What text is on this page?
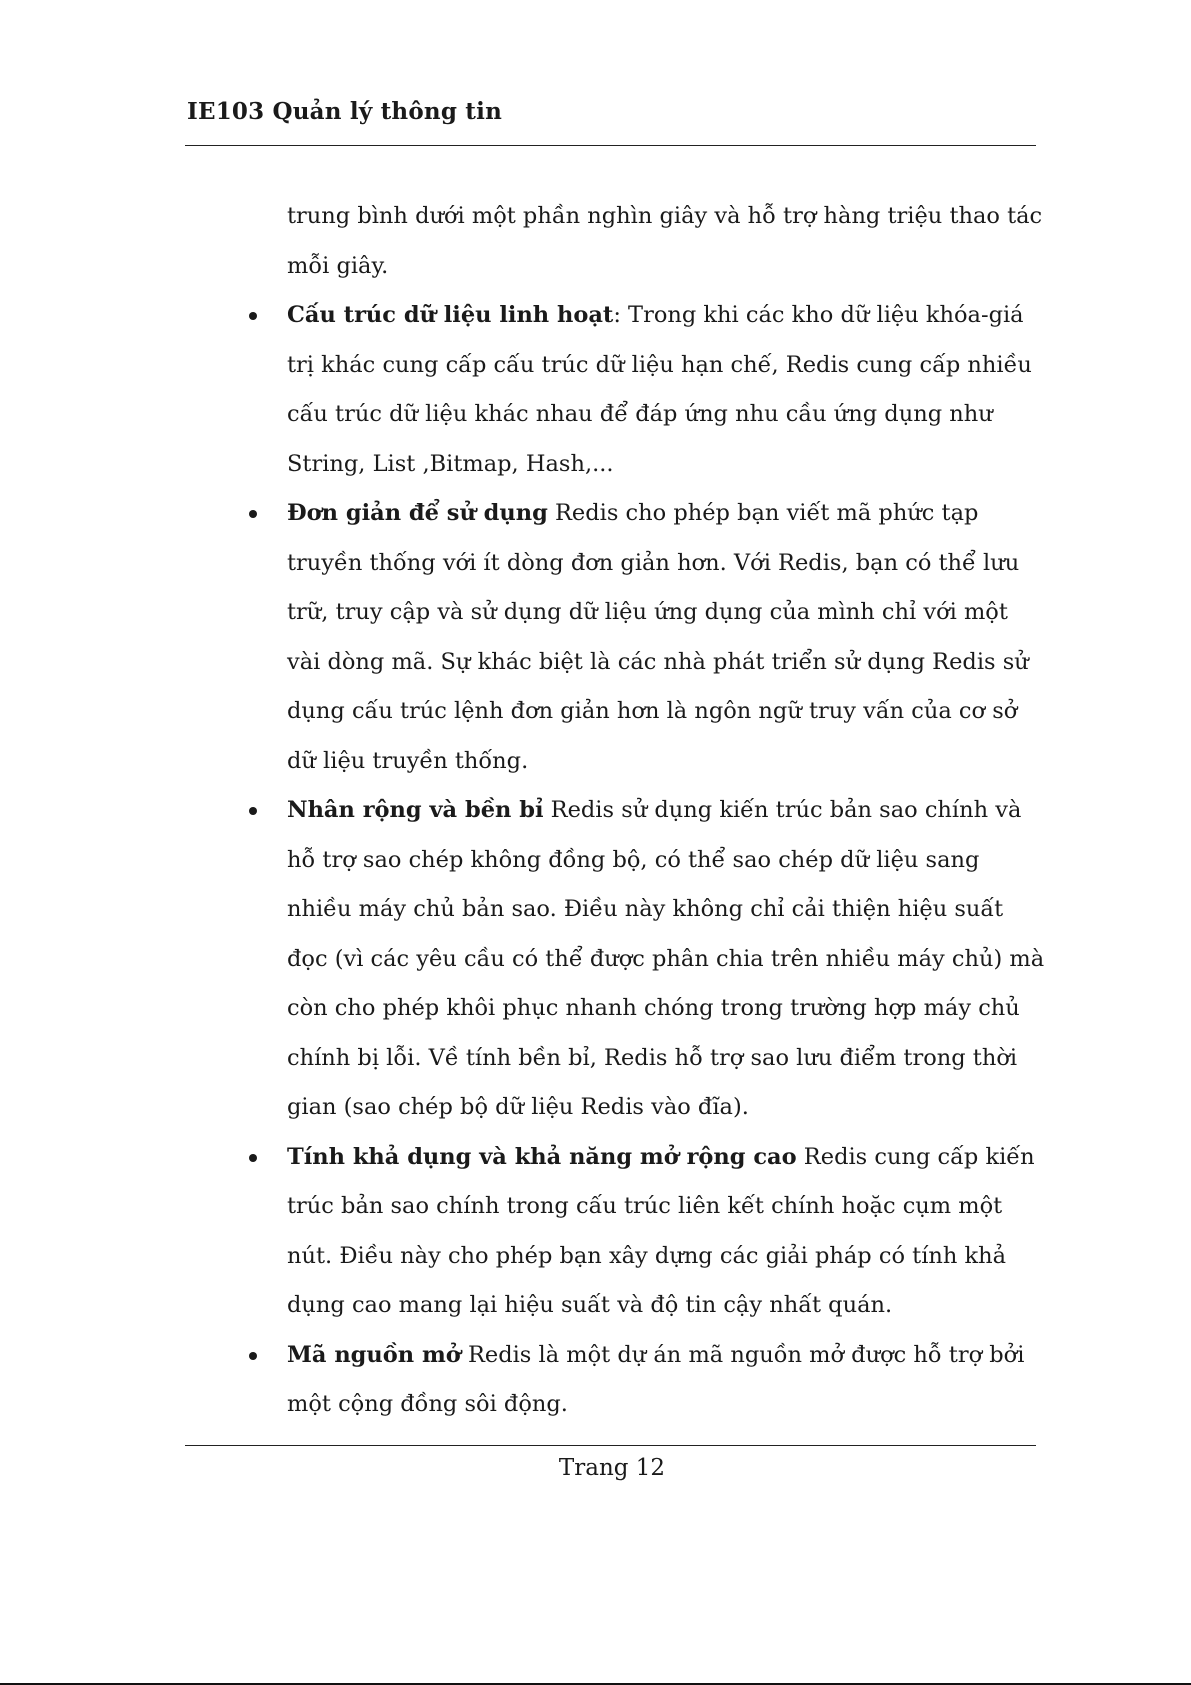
IE103 Quản lý thông tin

trung bình dưới một phần nghìn giây và hỗ trợ hàng triệu thao tác mỗi giây.

Cấu trúc dữ liệu linh hoạt: Trong khi các kho dữ liệu khóa-giá trị khác cung cấp cấu trúc dữ liệu hạn chế, Redis cung cấp nhiều cấu trúc dữ liệu khác nhau để đáp ứng nhu cầu ứng dụng như String, List ,Bitmap, Hash,...
Đơn giản để sử dụng Redis cho phép bạn viết mã phức tạp truyền thống với ít dòng đơn giản hơn. Với Redis, bạn có thể lưu trữ, truy cập và sử dụng dữ liệu ứng dụng của mình chỉ với một vài dòng mã. Sự khác biệt là các nhà phát triển sử dụng Redis sử dụng cấu trúc lệnh đơn giản hơn là ngôn ngữ truy vấn của cơ sở dữ liệu truyền thống.
Nhân rộng và bền bỉ Redis sử dụng kiến trúc bản sao chính và hỗ trợ sao chép không đồng bộ, có thể sao chép dữ liệu sang nhiều máy chủ bản sao. Điều này không chỉ cải thiện hiệu suất đọc (vì các yêu cầu có thể được phân chia trên nhiều máy chủ) mà còn cho phép khôi phục nhanh chóng trong trường hợp máy chủ chính bị lỗi. Về tính bền bỉ, Redis hỗ trợ sao lưu điểm trong thời gian (sao chép bộ dữ liệu Redis vào đĩa).
Tính khả dụng và khả năng mở rộng cao Redis cung cấp kiến trúc bản sao chính trong cấu trúc liên kết chính hoặc cụm một nút. Điều này cho phép bạn xây dựng các giải pháp có tính khả dụng cao mang lại hiệu suất và độ tin cậy nhất quán.
Mã nguồn mở Redis là một dự án mã nguồn mở được hỗ trợ bởi một cộng đồng sôi động.
Trang 12
